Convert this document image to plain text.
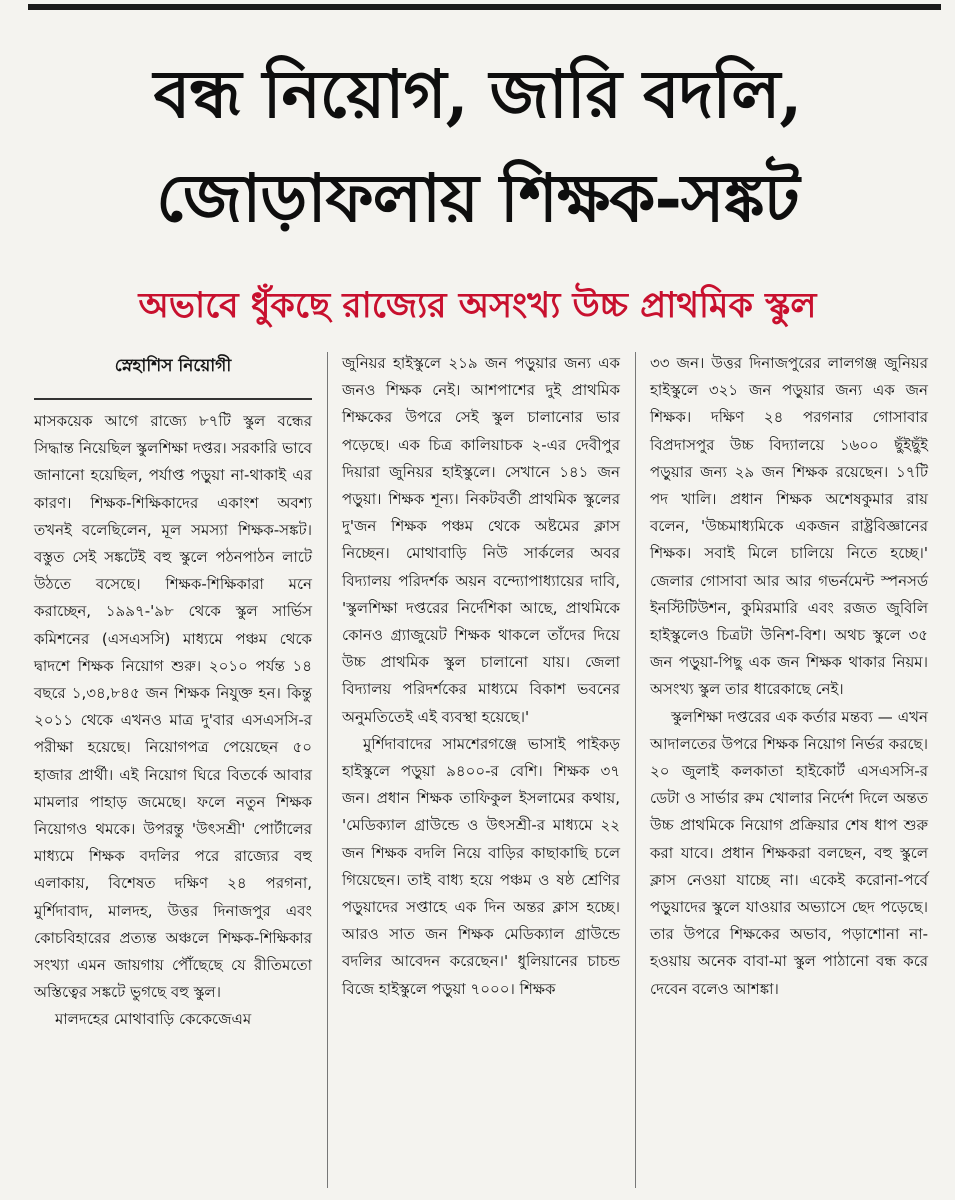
বন্ধ নিয়োগ, জারি বদলি,
জোড়াফলায় শিক্ষক-সঙ্কট
অভাবে ধুঁকছে রাজ্যের অসংখ্য উচ্চ প্রাথমিক স্কুল
স্নেহাশিস নিয়োগী

মাসকয়েক আগে রাজ্যে ৮৭টি স্কুল বন্ধের সিদ্ধান্ত নিয়েছিল স্কুলশিক্ষা দপ্তর। সরকারি ভাবে জানানো হয়েছিল, পর্যাপ্ত পড়ুয়া না-থাকাই এর কারণ। শিক্ষক-শিক্ষিকাদের একাংশ অবশ্য তখনই বলেছিলেন, মূল সমস্যা শিক্ষক-সঙ্কট। বস্তুত সেই সঙ্কটেই বহু স্কুলে পঠনপাঠন লাটে উঠতে বসেছে। শিক্ষক-শিক্ষিকারা মনে করাচ্ছেন, ১৯৯৭-'৯৮ থেকে স্কুল সার্ভিস কমিশনের (এসএসসি) মাধ্যমে পঞ্চম থেকে দ্বাদশে শিক্ষক নিয়োগ শুরু। ২০১০ পর্যন্ত ১৪ বছরে ১,৩৪,৮৪৫ জন শিক্ষক নিযুক্ত হন। কিন্তু ২০১১ থেকে এখনও মাত্র দু'বার এসএসসি-র পরীক্ষা হয়েছে। নিয়োগপত্র পেয়েছেন ৫০ হাজার প্রার্থী। এই নিয়োগ ঘিরে বিতর্কে আবার মামলার পাহাড় জমেছে। ফলে নতুন শিক্ষক নিয়োগও থমকে। উপরন্তু 'উৎসশ্রী' পোর্টালের মাধ্যমে শিক্ষক বদলির পরে রাজ্যের বহু এলাকায়, বিশেষত দক্ষিণ ২৪ পরগনা, মুর্শিদাবাদ, মালদহ, উত্তর দিনাজপুর এবং কোচবিহারের প্রত্যন্ত অঞ্চলে শিক্ষক-শিক্ষিকার সংখ্যা এমন জায়গায় পৌঁছেছে যে রীতিমতো অস্তিত্বের সঙ্কটে ভুগছে বহু স্কুল।

মালদহের মোথাবাড়ি কেকেজেএম

জুনিয়র হাইস্কুলে ২১৯ জন পড়ুয়ার জন্য এক জনও শিক্ষক নেই। আশপাশের দুই প্রাথমিক শিক্ষকের উপরে সেই স্কুল চালানোর ভার পড়েছে। এক চিত্র কালিয়াচক ২-এর দেবীপুর দিয়ারা জুনিয়র হাইস্কুলে। সেখানে ১৪১ জন পড়ুয়া। শিক্ষক শূন্য। নিকটবর্তী প্রাথমিক স্কুলের দু'জন শিক্ষক পঞ্চম থেকে অষ্টমের ক্লাস নিচ্ছেন। মোথাবাড়ি নিউ সার্কলের অবর বিদ্যালয় পরিদর্শক অয়ন বন্দ্যোপাধ্যায়ের দাবি, 'স্কুলশিক্ষা দপ্তরের নির্দেশিকা আছে, প্রাথমিকে কোনও গ্র্যাজুয়েট শিক্ষক থাকলে তাঁদের দিয়ে উচ্চ প্রাথমিক স্কুল চালানো যায়। জেলা বিদ্যালয় পরিদর্শকের মাধ্যমে বিকাশ ভবনের অনুমতিতেই এই ব্যবস্থা হয়েছে।'

মুর্শিদাবাদের সামশেরগঞ্জে ভাসাই পাইকড় হাইস্কুলে পড়ুয়া ৯৪০০-র বেশি। শিক্ষক ৩৭ জন। প্রধান শিক্ষক তাফিকুল ইসলামের কথায়, 'মেডিক্যাল গ্রাউন্ডে ও উৎসশ্রী-র মাধ্যমে ২২ জন শিক্ষক বদলি নিয়ে বাড়ির কাছাকাছি চলে গিয়েছেন। তাই বাধ্য হয়ে পঞ্চম ও ষষ্ঠ শ্রেণির পড়ুয়াদের সপ্তাহে এক দিন অন্তর ক্লাস হচ্ছে। আরও সাত জন শিক্ষক মেডিক্যাল গ্রাউন্ডে বদলির আবেদন করেছেন।' ধুলিয়ানের চাচন্ড বিজে হাইস্কুলে পড়ুয়া ৭০০০। শিক্ষক

৩৩ জন। উত্তর দিনাজপুরের লালগঞ্জ জুনিয়র হাইস্কুলে ৩২১ জন পড়ুয়ার জন্য এক জন শিক্ষক। দক্ষিণ ২৪ পরগনার গোসাবার বিপ্রদাসপুর উচ্চ বিদ্যালয়ে ১৬০০ ছুঁইছুঁই পড়ুয়ার জন্য ২৯ জন শিক্ষক রয়েছেন। ১৭টি পদ খালি। প্রধান শিক্ষক অশেষকুমার রায় বলেন, 'উচ্চমাধ্যমিকে একজন রাষ্ট্রবিজ্ঞানের শিক্ষক। সবাই মিলে চালিয়ে নিতে হচ্ছে।' জেলার গোসাবা আর আর গভর্নমেন্ট স্পনসর্ড ইনস্টিটিউশন, কুমিরমারি এবং রজত জুবিলি হাইস্কুলেও চিত্রটা উনিশ-বিশ। অথচ স্কুলে ৩৫ জন পড়ুয়া-পিছু এক জন শিক্ষক থাকার নিয়ম। অসংখ্য স্কুল তার ধারেকাছে নেই।

স্কুলশিক্ষা দপ্তরের এক কর্তার মন্তব্য — এখন আদালতের উপরে শিক্ষক নিয়োগ নির্ভর করছে। ২০ জুলাই কলকাতা হাইকোর্ট এসএসসি-র ডেটা ও সার্ভার রুম খোলার নির্দেশ দিলে অন্তত উচ্চ প্রাথমিকে নিয়োগ প্রক্রিয়ার শেষ ধাপ শুরু করা যাবে। প্রধান শিক্ষকরা বলছেন, বহু স্কুলে ক্লাস নেওয়া যাচ্ছে না। একেই করোনা-পর্বে পড়ুয়াদের স্কুলে যাওয়ার অভ্যাসে ছেদ পড়েছে। তার উপরে শিক্ষকের অভাব, পড়াশোনা না-হওয়ায় অনেক বাবা-মা স্কুল পাঠানো বন্ধ করে দেবেন বলেও আশঙ্কা।
